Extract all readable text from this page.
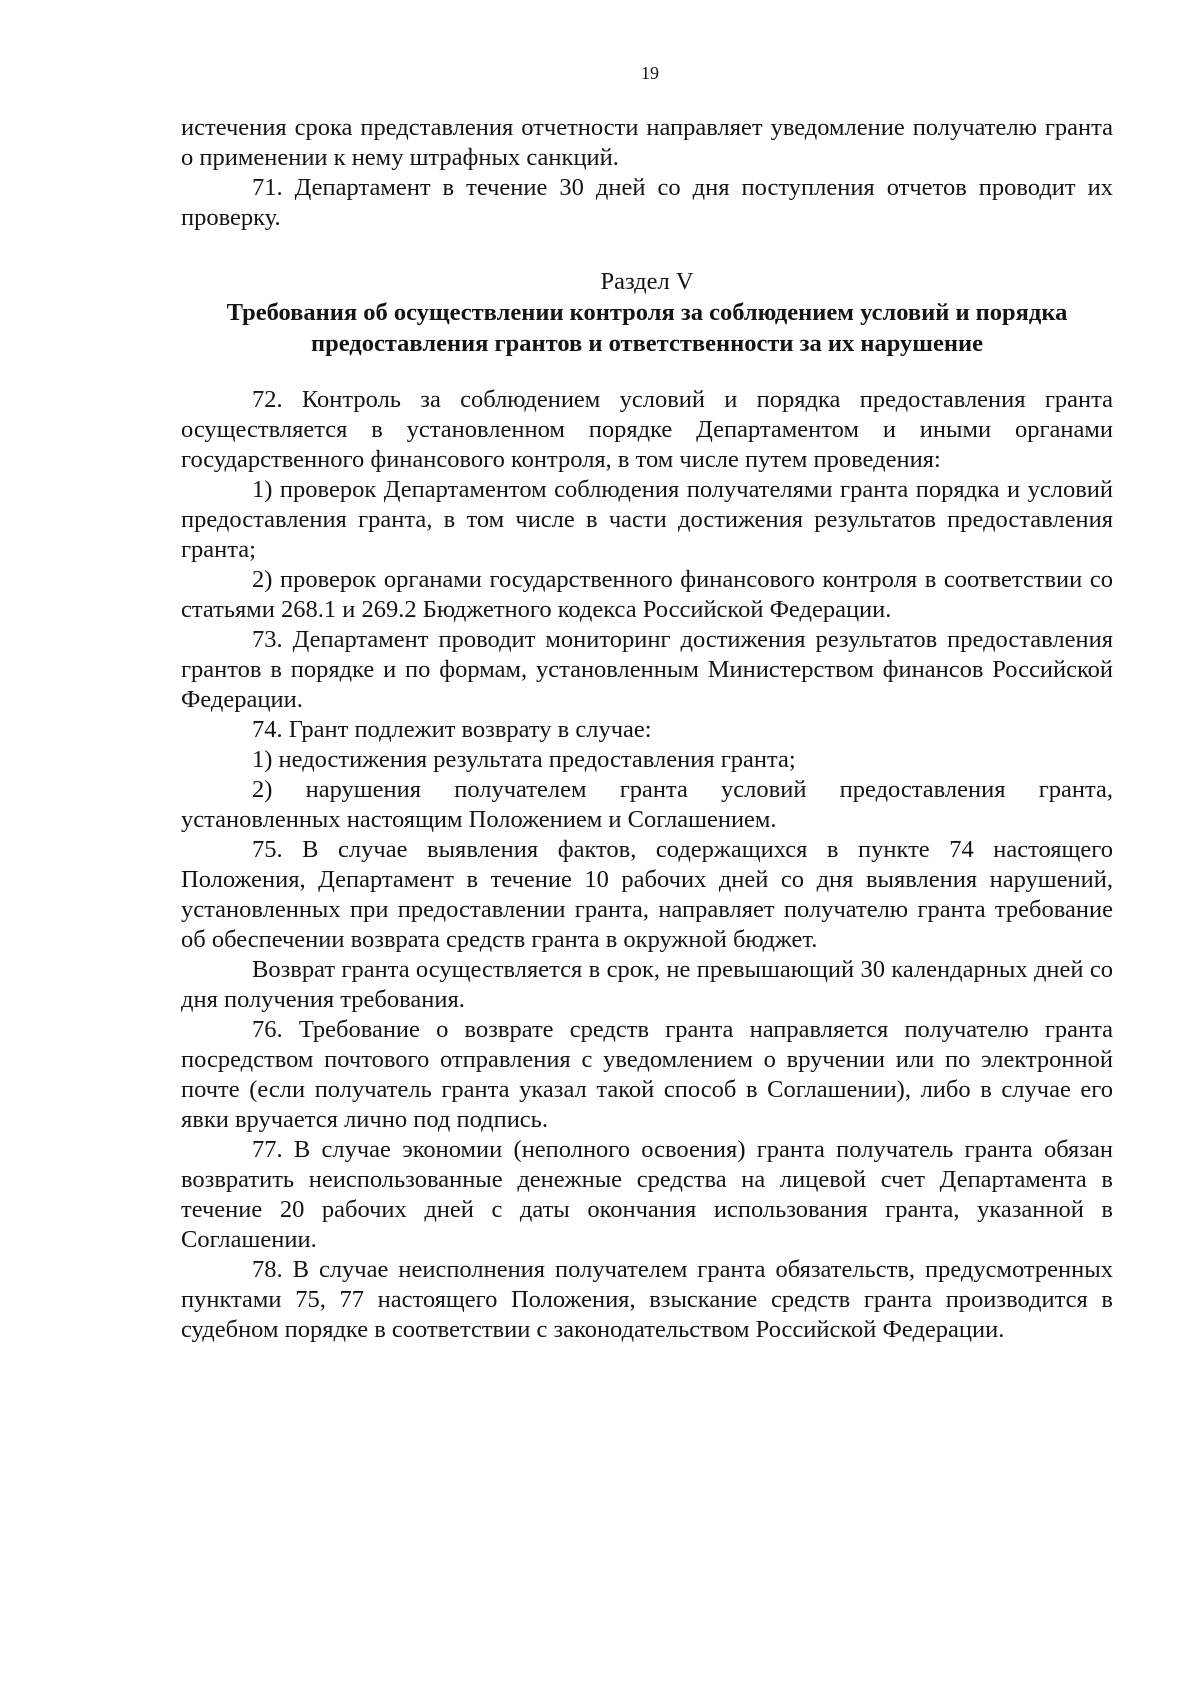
19

истечения срока представления отчетности направляет уведомление получателю гранта о применении к нему штрафных санкций.

71. Департамент в течение 30 дней со дня поступления отчетов проводит их проверку.

Раздел V

Требования об осуществлении контроля за соблюдением условий и порядка предоставления грантов и ответственности за их нарушение

72. Контроль за соблюдением условий и порядка предоставления гранта осуществляется в установленном порядке Департаментом и иными органами государственного финансового контроля, в том числе путем проведения:

1) проверок Департаментом соблюдения получателями гранта порядка и условий предоставления гранта, в том числе в части достижения результатов предоставления гранта;

2) проверок органами государственного финансового контроля в соответствии со статьями 268.1 и 269.2 Бюджетного кодекса Российской Федерации.

73. Департамент проводит мониторинг достижения результатов предоставления грантов в порядке и по формам, установленным Министерством финансов Российской Федерации.

74. Грант подлежит возврату в случае:

1) недостижения результата предоставления гранта;

2) нарушения получателем гранта условий предоставления гранта, установленных настоящим Положением и Соглашением.

75. В случае выявления фактов, содержащихся в пункте 74 настоящего Положения, Департамент в течение 10 рабочих дней со дня выявления нарушений, установленных при предоставлении гранта, направляет получателю гранта требование об обеспечении возврата средств гранта в окружной бюджет.

Возврат гранта осуществляется в срок, не превышающий 30 календарных дней со дня получения требования.

76. Требование о возврате средств гранта направляется получателю гранта посредством почтового отправления с уведомлением о вручении или по электронной почте (если получатель гранта указал такой способ в Соглашении), либо в случае его явки вручается лично под подпись.

77. В случае экономии (неполного освоения) гранта получатель гранта обязан возвратить неиспользованные денежные средства на лицевой счет Департамента в течение 20 рабочих дней с даты окончания использования гранта, указанной в Соглашении.

78. В случае неисполнения получателем гранта обязательств, предусмотренных пунктами 75, 77 настоящего Положения, взыскание средств гранта производится в судебном порядке в соответствии с законодательством Российской Федерации.
